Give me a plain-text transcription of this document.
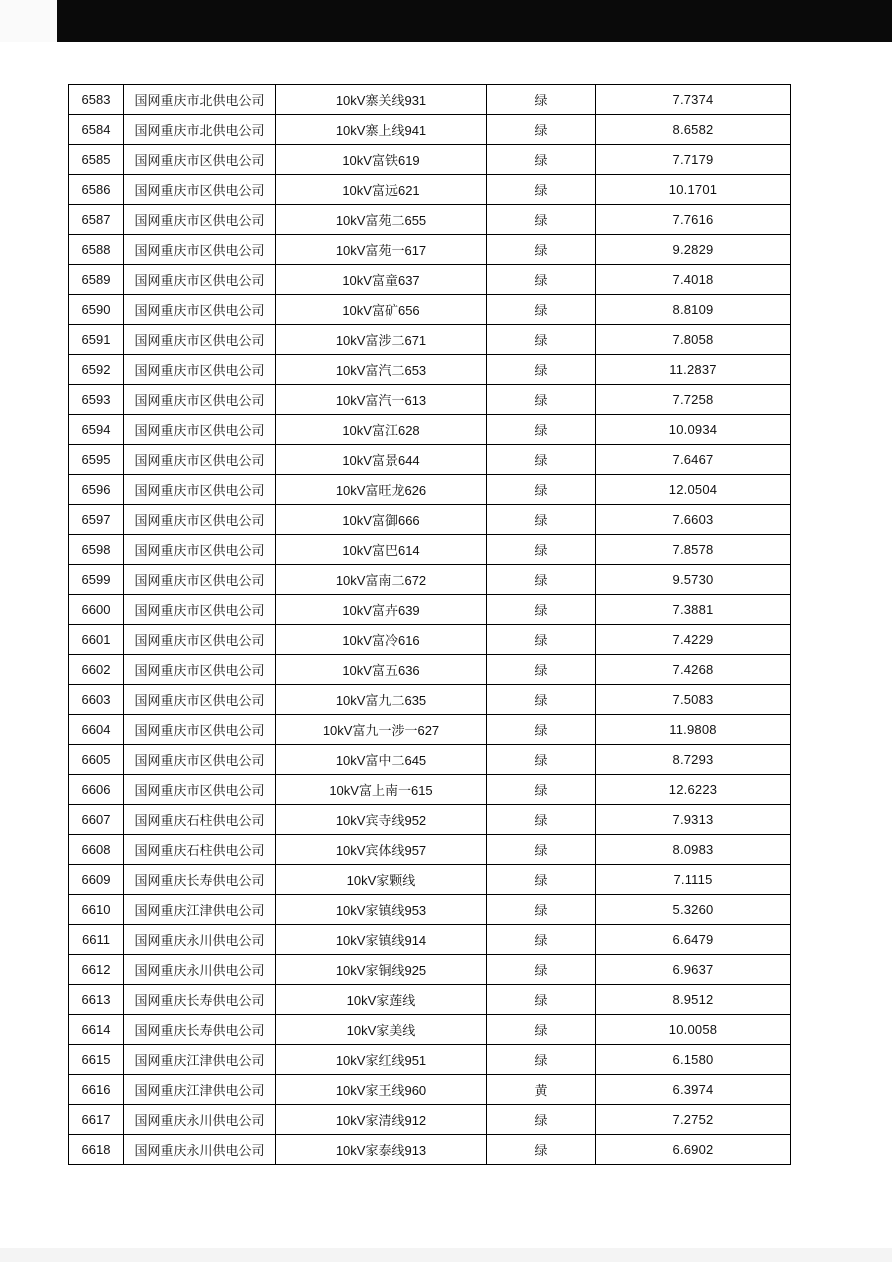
6583	国网重庆市北供电公司	10kV寨关线931	绿	7.7374
6584	国网重庆市北供电公司	10kV寨上线941	绿	8.6582
6585	国网重庆市区供电公司	10kV富铁619	绿	7.7179
6586	国网重庆市区供电公司	10kV富远621	绿	10.1701
6587	国网重庆市区供电公司	10kV富苑二655	绿	7.7616
6588	国网重庆市区供电公司	10kV富苑一617	绿	9.2829
6589	国网重庆市区供电公司	10kV富童637	绿	7.4018
6590	国网重庆市区供电公司	10kV富矿656	绿	8.8109
6591	国网重庆市区供电公司	10kV富涉二671	绿	7.8058
6592	国网重庆市区供电公司	10kV富汽二653	绿	11.2837
6593	国网重庆市区供电公司	10kV富汽一613	绿	7.7258
6594	国网重庆市区供电公司	10kV富江628	绿	10.0934
6595	国网重庆市区供电公司	10kV富景644	绿	7.6467
6596	国网重庆市区供电公司	10kV富旺龙626	绿	12.0504
6597	国网重庆市区供电公司	10kV富御666	绿	7.6603
6598	国网重庆市区供电公司	10kV富巴614	绿	7.8578
6599	国网重庆市区供电公司	10kV富南二672	绿	9.5730
6600	国网重庆市区供电公司	10kV富卉639	绿	7.3881
6601	国网重庆市区供电公司	10kV富冷616	绿	7.4229
6602	国网重庆市区供电公司	10kV富五636	绿	7.4268
6603	国网重庆市区供电公司	10kV富九二635	绿	7.5083
6604	国网重庆市区供电公司	10kV富九一涉一627	绿	11.9808
6605	国网重庆市区供电公司	10kV富中二645	绿	8.7293
6606	国网重庆市区供电公司	10kV富上南一615	绿	12.6223
6607	国网重庆石柱供电公司	10kV宾寺线952	绿	7.9313
6608	国网重庆石柱供电公司	10kV宾体线957	绿	8.0983
6609	国网重庆长寿供电公司	10kV家颗线	绿	7.1115
6610	国网重庆江津供电公司	10kV家镇线953	绿	5.3260
6611	国网重庆永川供电公司	10kV家镇线914	绿	6.6479
6612	国网重庆永川供电公司	10kV家铜线925	绿	6.9637
6613	国网重庆长寿供电公司	10kV家莲线	绿	8.9512
6614	国网重庆长寿供电公司	10kV家美线	绿	10.0058
6615	国网重庆江津供电公司	10kV家红线951	绿	6.1580
6616	国网重庆江津供电公司	10kV家王线960	黄	6.3974
6617	国网重庆永川供电公司	10kV家清线912	绿	7.2752
6618	国网重庆永川供电公司	10kV家泰线913	绿	6.6902
